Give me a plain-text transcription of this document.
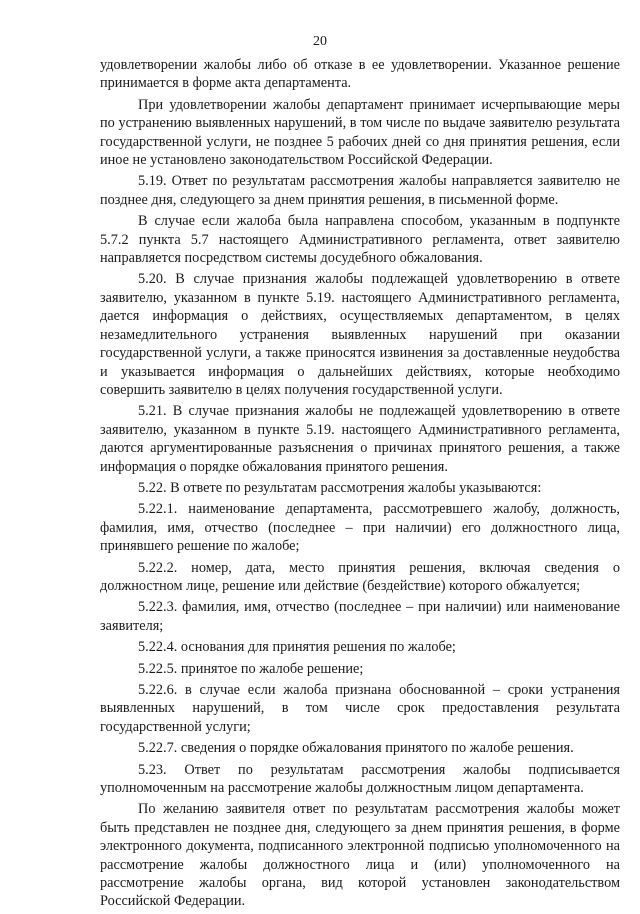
20

удовлетворении жалобы либо об отказе в ее удовлетворении. Указанное решение принимается в форме акта департамента.

При удовлетворении жалобы департамент принимает исчерпывающие меры по устранению выявленных нарушений, в том числе по выдаче заявителю результата государственной услуги, не позднее 5 рабочих дней со дня принятия решения, если иное не установлено законодательством Российской Федерации.

5.19. Ответ по результатам рассмотрения жалобы направляется заявителю не позднее дня, следующего за днем принятия решения, в письменной форме.

В случае если жалоба была направлена способом, указанным в подпункте 5.7.2 пункта 5.7 настоящего Административного регламента, ответ заявителю направляется посредством системы досудебного обжалования.

5.20. В случае признания жалобы подлежащей удовлетворению в ответе заявителю, указанном в пункте 5.19. настоящего Административного регламента, дается информация о действиях, осуществляемых департаментом, в целях незамедлительного устранения выявленных нарушений при оказании государственной услуги, а также приносятся извинения за доставленные неудобства и указывается информация о дальнейших действиях, которые необходимо совершить заявителю в целях получения государственной услуги.

5.21. В случае признания жалобы не подлежащей удовлетворению в ответе заявителю, указанном в пункте 5.19. настоящего Административного регламента, даются аргументированные разъяснения о причинах принятого решения, а также информация о порядке обжалования принятого решения.

5.22. В ответе по результатам рассмотрения жалобы указываются:

5.22.1. наименование департамента, рассмотревшего жалобу, должность, фамилия, имя, отчество (последнее – при наличии) его должностного лица, принявшего решение по жалобе;

5.22.2. номер, дата, место принятия решения, включая сведения о должностном лице, решение или действие (бездействие) которого обжалуется;

5.22.3. фамилия, имя, отчество (последнее – при наличии) или наименование заявителя;

5.22.4. основания для принятия решения по жалобе;

5.22.5. принятое по жалобе решение;

5.22.6. в случае если жалоба признана обоснованной – сроки устранения выявленных нарушений, в том числе срок предоставления результата государственной услуги;

5.22.7. сведения о порядке обжалования принятого по жалобе решения.

5.23. Ответ по результатам рассмотрения жалобы подписывается уполномоченным на рассмотрение жалобы должностным лицом департамента.

По желанию заявителя ответ по результатам рассмотрения жалобы может быть представлен не позднее дня, следующего за днем принятия решения, в форме электронного документа, подписанного электронной подписью уполномоченного на рассмотрение жалобы должностного лица и (или) уполномоченного на рассмотрение жалобы органа, вид которой установлен законодательством Российской Федерации.
